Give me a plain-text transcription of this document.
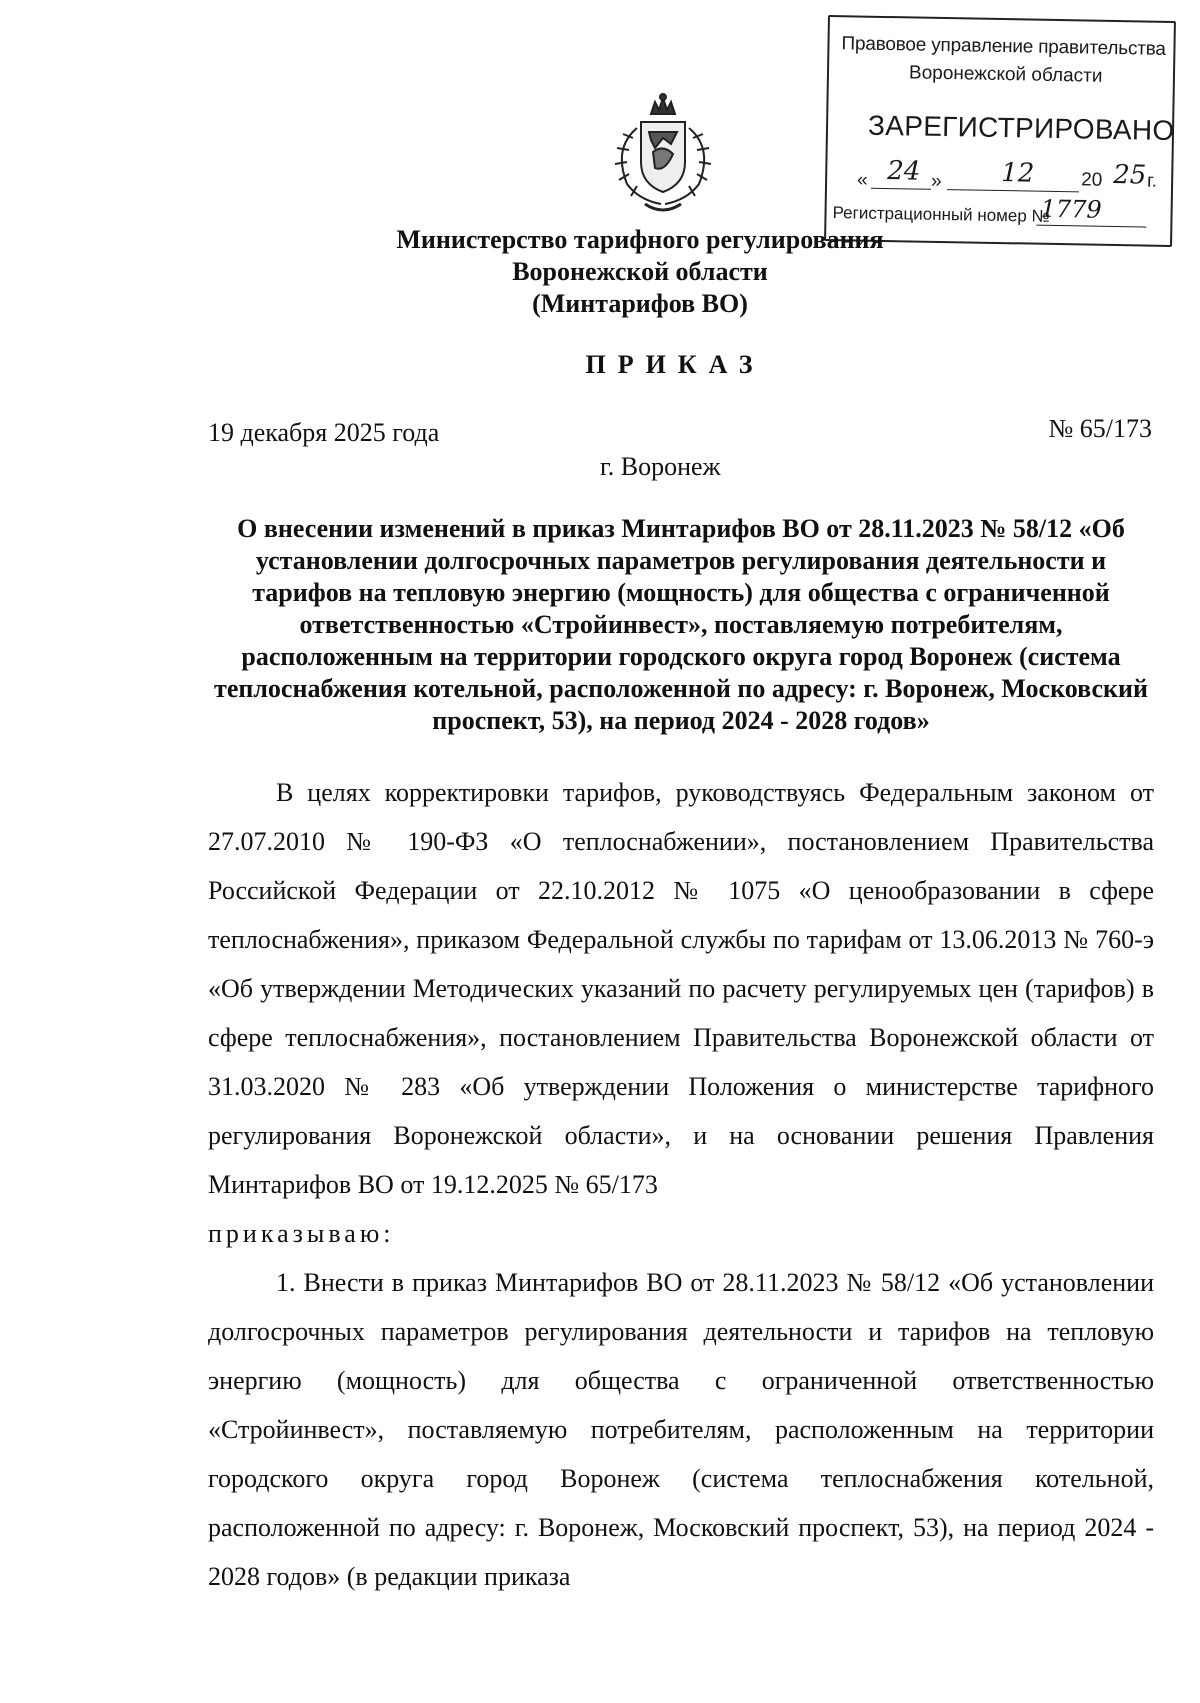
Правовое управление правительства
Воронежской области
ЗАРЕГИСТРИРОВАНО
« 24 » 12 20 25 г.
Регистрационный номер №
1779
Министерство тарифного регулирования
Воронежской области
(Минтарифов ВО)
ПРИКАЗ
19 декабря 2025 года	№ 65/173
г. Воронеж
О внесении изменений в приказ Минтарифов ВО от 28.11.2023 № 58/12 «Об установлении долгосрочных параметров регулирования деятельности и тарифов на тепловую энергию (мощность) для общества с ограниченной ответственностью «Стройинвест», поставляемую потребителям, расположенным на территории городского округа город Воронеж (система теплоснабжения котельной, расположенной по адресу: г. Воронеж, Московский проспект, 53), на период 2024 - 2028 годов»

В целях корректировки тарифов, руководствуясь Федеральным законом от 27.07.2010 № 190-ФЗ «О теплоснабжении», постановлением Правительства Российской Федерации от 22.10.2012 № 1075 «О ценообразовании в сфере теплоснабжения», приказом Федеральной службы по тарифам от 13.06.2013 № 760-э «Об утверждении Методических указаний по расчету регулируемых цен (тарифов) в сфере теплоснабжения», постановлением Правительства Воронежской области от 31.03.2020 № 283 «Об утверждении Положения о министерстве тарифного регулирования Воронежской области», и на основании решения Правления Минтарифов ВО от 19.12.2025 № 65/173

приказываю:

1. Внести в приказ Минтарифов ВО от 28.11.2023 № 58/12 «Об установлении долгосрочных параметров регулирования деятельности и тарифов на тепловую энергию (мощность) для общества с ограниченной ответственностью «Стройинвест», поставляемую потребителям, расположенным на территории городского округа город Воронеж (система теплоснабжения котельной, расположенной по адресу: г. Воронеж, Московский проспект, 53), на период 2024 - 2028 годов» (в редакции приказа
